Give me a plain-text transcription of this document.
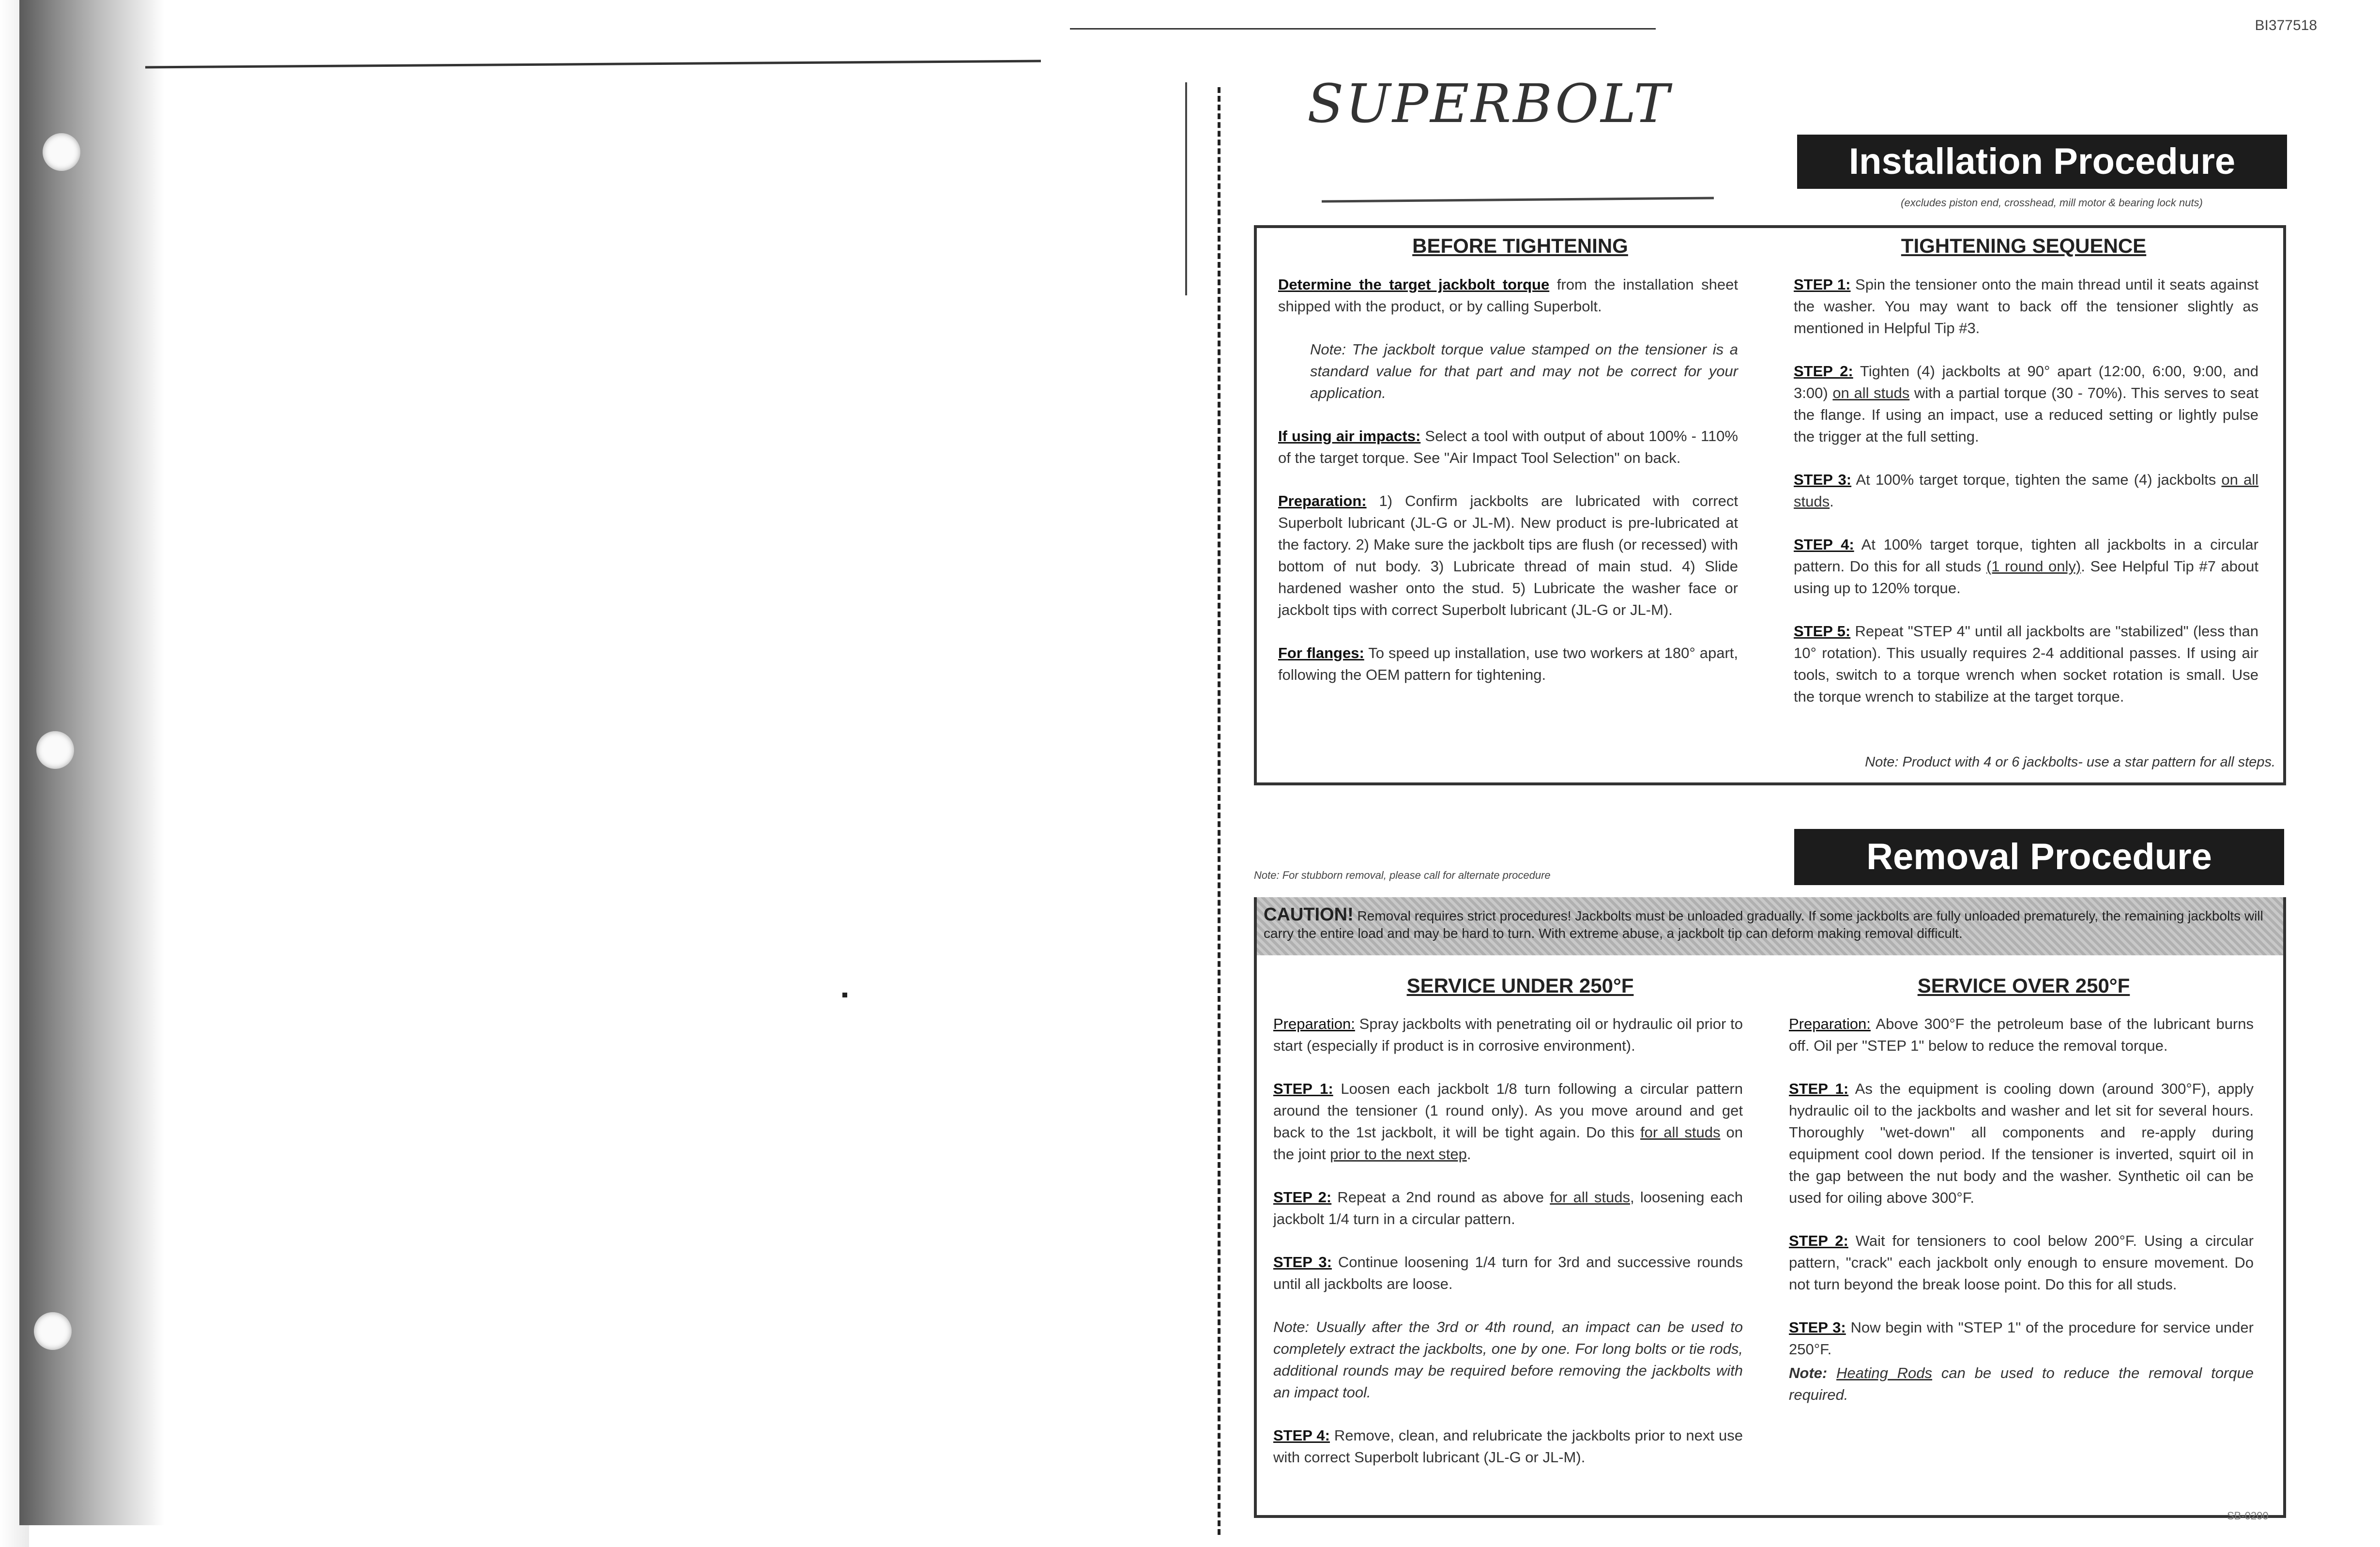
BI377518
SUPERBOLT
Installation Procedure
(excludes piston end, crosshead, mill motor & bearing lock nuts)
BEFORE TIGHTENING	TIGHTENING SEQUENCE

Determine the target jackbolt torque from the installation sheet shipped with the product, or by calling Superbolt.

Note: The jackbolt torque value stamped on the tensioner is a standard value for that part and may not be correct for your application.

If using air impacts: Select a tool with output of about 100% - 110% of the target torque. See "Air Impact Tool Selection" on back.

Preparation: 1) Confirm jackbolts are lubricated with correct Superbolt lubricant (JL-G or JL-M). New product is pre-lubricated at the factory. 2) Make sure the jackbolt tips are flush (or recessed) with bottom of nut body. 3) Lubricate thread of main stud. 4) Slide hardened washer onto the stud. 5) Lubricate the washer face or jackbolt tips with correct Superbolt lubricant (JL-G or JL-M).

For flanges: To speed up installation, use two workers at 180° apart, following the OEM pattern for tightening.

STEP 1: Spin the tensioner onto the main thread until it seats against the washer. You may want to back off the tensioner slightly as mentioned in Helpful Tip #3.

STEP 2: Tighten (4) jackbolts at 90° apart (12:00, 6:00, 9:00, and 3:00) on all studs with a partial torque (30 - 70%). This serves to seat the flange. If using an impact, use a reduced setting or lightly pulse the trigger at the full setting.

STEP 3: At 100% target torque, tighten the same (4) jackbolts on all studs.

STEP 4: At 100% target torque, tighten all jackbolts in a circular pattern. Do this for all studs (1 round only). See Helpful Tip #7 about using up to 120% torque.

STEP 5: Repeat "STEP 4" until all jackbolts are "stabilized" (less than 10° rotation). This usually requires 2-4 additional passes. If using air tools, switch to a torque wrench when socket rotation is small. Use the torque wrench to stabilize at the target torque.

Note: Product with 4 or 6 jackbolts- use a star pattern for all steps.
Note: For stubborn removal, please call for alternate procedure	Removal Procedure
CAUTION! Removal requires strict procedures! Jackbolts must be unloaded gradually. If some jackbolts are fully unloaded prematurely, the remaining jackbolts will carry the entire load and may be hard to turn. With extreme abuse, a jackbolt tip can deform making removal difficult.
SERVICE UNDER 250°F	SERVICE OVER 250°F

Preparation: Spray jackbolts with penetrating oil or hydraulic oil prior to start (especially if product is in corrosive environment).

STEP 1: Loosen each jackbolt 1/8 turn following a circular pattern around the tensioner (1 round only). As you move around and get back to the 1st jackbolt, it will be tight again. Do this for all studs on the joint prior to the next step.

STEP 2: Repeat a 2nd round as above for all studs, loosening each jackbolt 1/4 turn in a circular pattern.

STEP 3: Continue loosening 1/4 turn for 3rd and successive rounds until all jackbolts are loose.

Note: Usually after the 3rd or 4th round, an impact can be used to completely extract the jackbolts, one by one. For long bolts or tie rods, additional rounds may be required before removing the jackbolts with an impact tool.

STEP 4: Remove, clean, and relubricate the jackbolts prior to next use with correct Superbolt lubricant (JL-G or JL-M).

Preparation: Above 300°F the petroleum base of the lubricant burns off. Oil per "STEP 1" below to reduce the removal torque.

STEP 1: As the equipment is cooling down (around 300°F), apply hydraulic oil to the jackbolts and washer and let sit for several hours. Thoroughly "wet-down" all components and re-apply during equipment cool down period. If the tensioner is inverted, squirt oil in the gap between the nut body and the washer. Synthetic oil can be used for oiling above 300°F.

STEP 2: Wait for tensioners to cool below 200°F. Using a circular pattern, "crack" each jackbolt only enough to ensure movement. Do not turn beyond the break loose point. Do this for all studs.

STEP 3: Now begin with "STEP 1" of the procedure for service under 250°F.

Note: Heating Rods can be used to reduce the removal torque required.

SB-0200
